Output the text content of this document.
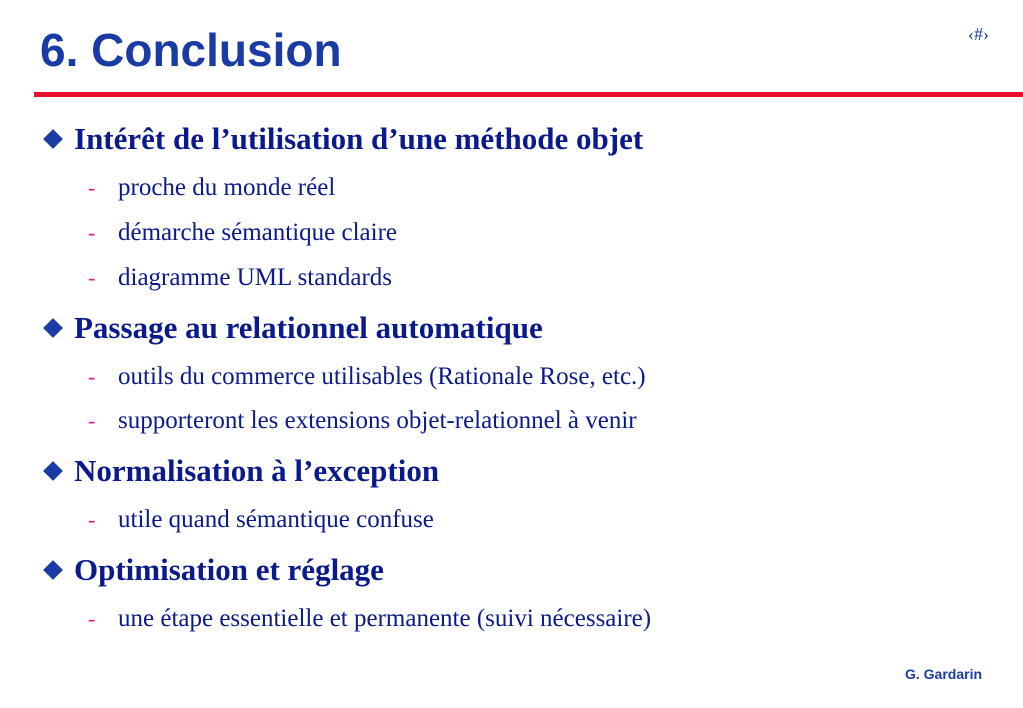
6. Conclusion	‹#›
Intérêt de l’utilisation d’une méthode objet
- proche du monde réel
- démarche sémantique claire
- diagramme UML standards
Passage au relationnel automatique
- outils du commerce utilisables (Rationale Rose, etc.)
- supporteront les extensions objet-relationnel à venir
Normalisation à l’exception
- utile quand sémantique confuse
Optimisation et réglage
- une étape essentielle et permanente (suivi nécessaire)
G. Gardarin
